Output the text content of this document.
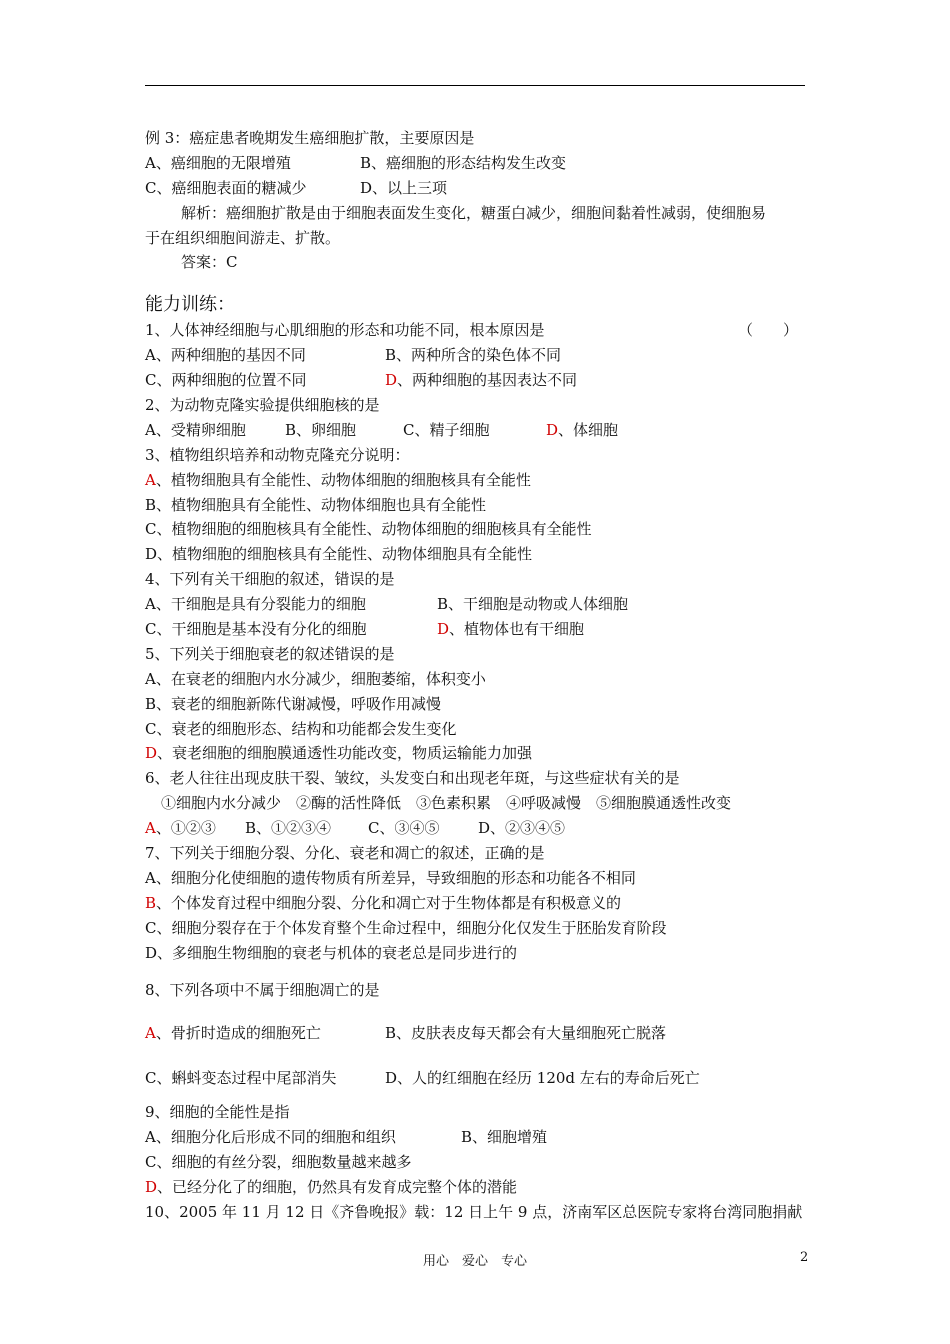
例 3：癌症患者晚期发生癌细胞扩散，主要原因是
A、癌细胞的无限增殖	B、癌细胞的形态结构发生改变
C、癌细胞表面的糖减少	D、以上三项
解析：癌细胞扩散是由于细胞表面发生变化，糖蛋白减少，细胞间黏着性减弱，使细胞易
于在组织细胞间游走、扩散。
答案：C
能力训练：
1、人体神经细胞与心肌细胞的形态和功能不同，根本原因是	（　　）
A、两种细胞的基因不同	B、两种所含的染色体不同
C、两种细胞的位置不同	D、两种细胞的基因表达不同
2、为动物克隆实验提供细胞核的是
A、受精卵细胞	B、卵细胞	C、精子细胞	D、体细胞
3、植物组织培养和动物克隆充分说明：
A、植物细胞具有全能性、动物体细胞的细胞核具有全能性
B、植物细胞具有全能性、动物体细胞也具有全能性
C、植物细胞的细胞核具有全能性、动物体细胞的细胞核具有全能性
D、植物细胞的细胞核具有全能性、动物体细胞具有全能性
4、下列有关干细胞的叙述，错误的是
A、干细胞是具有分裂能力的细胞	B、干细胞是动物或人体细胞
C、干细胞是基本没有分化的细胞	D、植物体也有干细胞
5、下列关于细胞衰老的叙述错误的是
A、在衰老的细胞内水分减少，细胞萎缩，体积变小
B、衰老的细胞新陈代谢减慢，呼吸作用减慢
C、衰老的细胞形态、结构和功能都会发生变化
D、衰老细胞的细胞膜通透性功能改变，物质运输能力加强
6、老人往往出现皮肤干裂、皱纹，头发变白和出现老年斑，与这些症状有关的是
①细胞内水分减少　②酶的活性降低　③色素积累　④呼吸减慢　⑤细胞膜通透性改变
A、①②③	B、①②③④	C、③④⑤	D、②③④⑤
7、下列关于细胞分裂、分化、衰老和凋亡的叙述，正确的是
A、细胞分化使细胞的遗传物质有所差异，导致细胞的形态和功能各不相同
B、个体发育过程中细胞分裂、分化和凋亡对于生物体都是有积极意义的
C、细胞分裂存在于个体发育整个生命过程中，细胞分化仅发生于胚胎发育阶段
D、多细胞生物细胞的衰老与机体的衰老总是同步进行的
8、下列各项中不属于细胞凋亡的是
A、骨折时造成的细胞死亡	B、皮肤表皮每天都会有大量细胞死亡脱落
C、蝌蚪变态过程中尾部消失	D、人的红细胞在经历 120d 左右的寿命后死亡
9、细胞的全能性是指
A、细胞分化后形成不同的细胞和组织	B、细胞增殖
C、细胞的有丝分裂，细胞数量越来越多
D、已经分化了的细胞，仍然具有发育成完整个体的潜能
10、2005 年 11 月 12 日《齐鲁晚报》载：12 日上午 9 点，济南军区总医院专家将台湾同胞捐献
用心　爱心　专心	2
